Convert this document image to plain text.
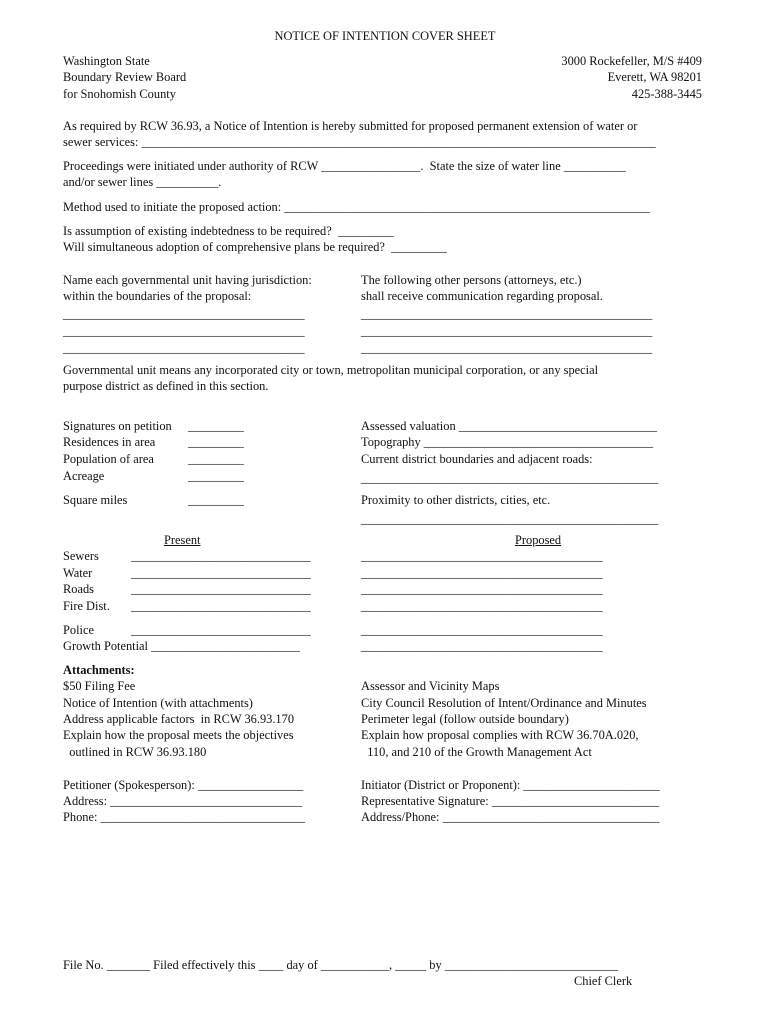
NOTICE OF INTENTION COVER SHEET
Washington State
Boundary Review Board
for Snohomish County
3000 Rockefeller, M/S #409
Everett, WA 98201
425-388-3445
As required by RCW 36.93, a Notice of Intention is hereby submitted for proposed permanent extension of water or
sewer services: ___________________________________________________________________________________
Proceedings were initiated under authority of RCW ________________.  State the size of water line __________
and/or sewer lines __________.
Method used to initiate the proposed action: ___________________________________________________________
Is assumption of existing indebtedness to be required?  _________
Will simultaneous adoption of comprehensive plans be required?  _________
Name each governmental unit having jurisdiction:
within the boundaries of the proposal:
The following other persons (attorneys, etc.)
shall receive communication regarding proposal.
_______________________________________
_______________________________________
_______________________________________
_______________________________________________
_______________________________________________
_______________________________________________
Governmental unit means any incorporated city or town, metropolitan municipal corporation, or any special
purpose district as defined in this section.
Signatures on petition _________
Residences in area	_________
Population of area	_________
Acreage	_________
Square miles	_________
Assessed valuation ________________________________
Topography _____________________________________
Current district boundaries and adjacent roads:
________________________________________________
Proximity to other districts, cities, etc.
________________________________________________
Present	Proposed
Sewers	_____________________________	_______________________________________
Water	_____________________________	_______________________________________
Roads	_____________________________	_______________________________________
Fire Dist. _____________________________	_______________________________________
Police	_____________________________	_______________________________________
Growth Potential ________________________	_______________________________________
Attachments:
$50 Filing Fee
Notice of Intention (with attachments)
Address applicable factors  in RCW 36.93.170
Explain how the proposal meets the objectives
outlined in RCW 36.93.180
Assessor and Vicinity Maps
City Council Resolution of Intent/Ordinance and Minutes
Perimeter legal (follow outside boundary)
Explain how proposal complies with RCW 36.70A.020,
110, and 210 of the Growth Management Act
Petitioner (Spokesperson): _________________
Address: _______________________________
Phone: _________________________________
Initiator (District or Proponent): ______________________
Representative Signature: ___________________________
Address/Phone: ___________________________________
File No. _______ Filed effectively this ____ day of ___________, _____ by ____________________________
Chief Clerk
